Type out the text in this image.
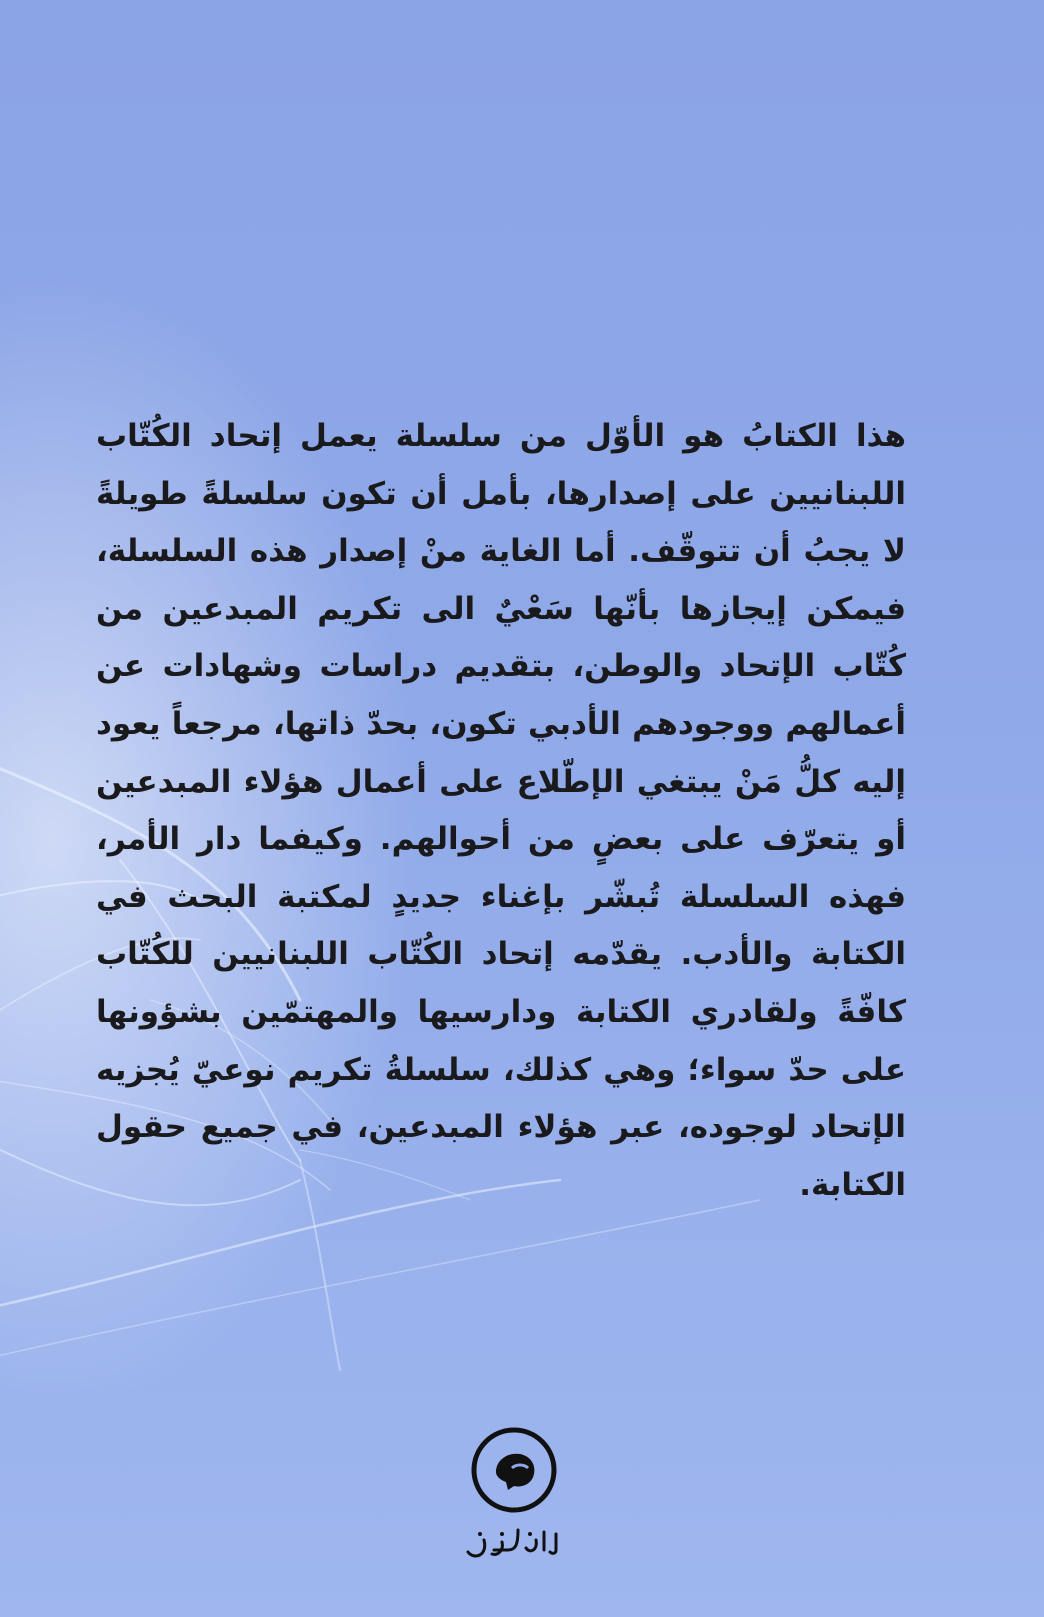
هذا الكتابُ هو الأوّل من سلسلة يعمل إتحاد الكُتّاب اللبنانيين على إصدارها، بأمل أن تكون سلسلةً طويلةً لا يجبُ أن تتوقّف. أما الغاية منْ إصدار هذه السلسلة، فيمكن إيجازها بأنّها سَعْيٌ الى تكريم المبدعين من كُتّاب الإتحاد والوطن، بتقديم دراسات وشهادات عن أعمالهم ووجودهم الأدبي تكون، بحدّ ذاتها، مرجعاً يعود إليه كلُّ مَنْ يبتغي الإطّلاع على أعمال هؤلاء المبدعين أو يتعرّف على بعضٍ من أحوالهم. وكيفما دار الأمر، فهذه السلسلة تُبشّر بإغناء جديدٍ لمكتبة البحث في الكتابة والأدب. يقدّمه إتحاد الكُتّاب اللبنانيين للكُتّاب كافّةً ولقادري الكتابة ودارسيها والمهتمّين بشؤونها على حدّ سواء؛ وهي كذلك، سلسلةُ تكريم نوعيّ يُجزيه الإتحاد لوجوده، عبر هؤلاء المبدعين، في جميع حقول الكتابة.
